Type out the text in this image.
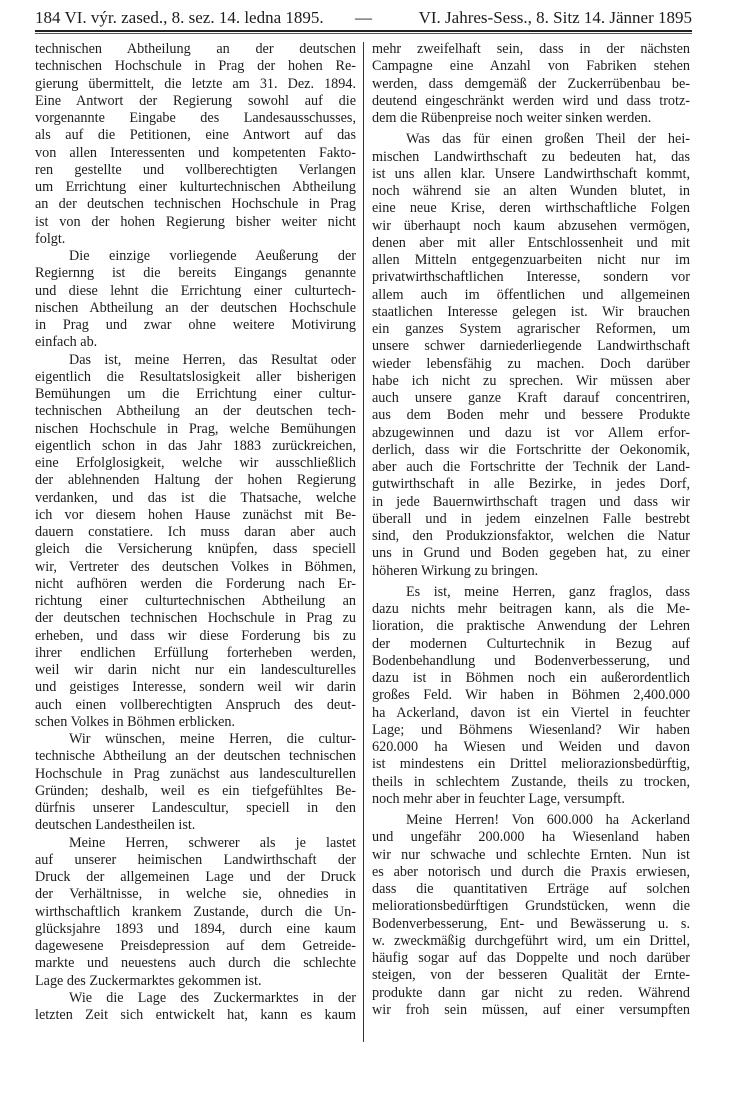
184 VI. výr. zased., 8. sez. 14. ledna 1895. —	VI. Jahres-Sess., 8. Sitz 14. Jänner 1895
technischen Abtheilung an der deutschen
technischen Hochschule in Prag der hohen Re-
gierung übermittelt, die letzte am 31. Dez. 1894.
Eine Antwort der Regierung sowohl auf die
vorgenannte Eingabe des Landesausschusses,
als auf die Petitionen, eine Antwort auf das
von allen Interessenten und kompetenten Fakto-
ren gestellte und vollberechtigten Verlangen
um Errichtung einer kulturtechnischen Abtheilung
an der deutschen technischen Hochschule in Prag
ist von der hohen Regierung bisher weiter nicht
folgt.
Die einzige vorliegende Aeußerung der
Regiernng ist die bereits Eingangs genannte
und diese lehnt die Errichtung einer culturtech-
nischen Abtheilung an der deutschen Hochschule
in Prag und zwar ohne weitere Motivirung
einfach ab.
Das ist, meine Herren, das Resultat oder
eigentlich die Resultatslosigkeit aller bisherigen
Bemühungen um die Errichtung einer cultur-
technischen Abtheilung an der deutschen tech-
nischen Hochschule in Prag, welche Bemühungen
eigentlich schon in das Jahr 1883 zurückreichen,
eine Erfolglosigkeit, welche wir ausschließlich
der ablehnenden Haltung der hohen Regierung
verdanken, und das ist die Thatsache, welche
ich vor diesem hohen Hause zunächst mit Be-
dauern constatiere. Ich muss daran aber auch
gleich die Versicherung knüpfen, dass speciell
wir, Vertreter des deutschen Volkes in Böhmen,
nicht aufhören werden die Forderung nach Er-
richtung einer culturtechnischen Abtheilung an
der deutschen technischen Hochschule in Prag zu
erheben, und dass wir diese Forderung bis zu
ihrer endlichen Erfüllung forterheben werden,
weil wir darin nicht nur ein landesculturelles
und geistiges Interesse, sondern weil wir darin
auch einen vollberechtigten Anspruch des deut-
schen Volkes in Böhmen erblicken.
Wir wünschen, meine Herren, die cultur-
technische Abtheilung an der deutschen technischen
Hochschule in Prag zunächst aus landesculturellen
Gründen; deshalb, weil es ein tiefgefühltes Be-
dürfnis unserer Landescultur, speciell in den
deutschen Landestheilen ist.
Meine Herren, schwerer als je lastet
auf unserer heimischen Landwirthschaft der
Druck der allgemeinen Lage und der Druck
der Verhältnisse, in welche sie, ohnedies in
wirthschaftlich krankem Zustande, durch die Un-
glücksjahre 1893 und 1894, durch eine kaum
dagewesene Preisdepression auf dem Getreide-
markte und neuestens auch durch die schlechte
Lage des Zuckermarktes gekommen ist.
Wie die Lage des Zuckermarktes in der
letzten Zeit sich entwickelt hat, kann es kaum
mehr zweifelhaft sein, dass in der nächsten
Campagne eine Anzahl von Fabriken stehen
werden, dass demgemäß der Zuckerrübenbau be-
deutend eingeschränkt werden wird und dass trotz-
dem die Rübenpreise noch weiter sinken werden.
Was das für einen großen Theil der hei-
mischen Landwirthschaft zu bedeuten hat, das
ist uns allen klar. Unsere Landwirthschaft kommt,
noch während sie an alten Wunden blutet, in
eine neue Krise, deren wirthschaftliche Folgen
wir überhaupt noch kaum abzusehen vermögen,
denen aber mit aller Entschlossenheit und mit
allen Mitteln entgegenzuarbeiten nicht nur im
privatwirthschaftlichen Interesse, sondern vor
allem auch im öffentlichen und allgemeinen
staatlichen Interesse gelegen ist. Wir brauchen
ein ganzes System agrarischer Reformen, um
unsere schwer darniederliegende Landwirthschaft
wieder lebensfähig zu machen. Doch darüber
habe ich nicht zu sprechen. Wir müssen aber
auch unsere ganze Kraft darauf concentriren,
aus dem Boden mehr und bessere Produkte
abzugewinnen und dazu ist vor Allem erfor-
derlich, dass wir die Fortschritte der Oekonomik,
aber auch die Fortschritte der Technik der Land-
gutwirthschaft in alle Bezirke, in jedes Dorf,
in jede Bauernwirthschaft tragen und dass wir
überall und in jedem einzelnen Falle bestrebt
sind, den Produkzionsfaktor, welchen die Natur
uns in Grund und Boden gegeben hat, zu einer
höheren Wirkung zu bringen.
Es ist, meine Herren, ganz fraglos, dass
dazu nichts mehr beitragen kann, als die Me-
lioration, die praktische Anwendung der Lehren
der modernen Culturtechnik in Bezug auf
Bodenbehandlung und Bodenverbesserung, und
dazu ist in Böhmen noch ein außerordentlich
großes Feld. Wir haben in Böhmen 2,400.000
ha Ackerland, davon ist ein Viertel in feuchter
Lage; und Böhmens Wiesenland? Wir haben
620.000 ha Wiesen und Weiden und davon
ist mindestens ein Drittel meliorazionsbedürftig,
theils in schlechtem Zustande, theils zu trocken,
noch mehr aber in feuchter Lage, versumpft.
Meine Herren! Von 600.000 ha Ackerland
und ungefähr 200.000 ha Wiesenland haben
wir nur schwache und schlechte Ernten. Nun ist
es aber notorisch und durch die Praxis erwiesen,
dass die quantitativen Erträge auf solchen
meliorationsbedürftigen Grundstücken, wenn die
Bodenverbesserung, Ent- und Bewässerung u. s.
w. zweckmäßig durchgeführt wird, um ein Drittel,
häufig sogar auf das Doppelte und noch darüber
steigen, von der besseren Qualität der Ernte-
produkte dann gar nicht zu reden. Während
wir froh sein müssen, auf einer versumpften
